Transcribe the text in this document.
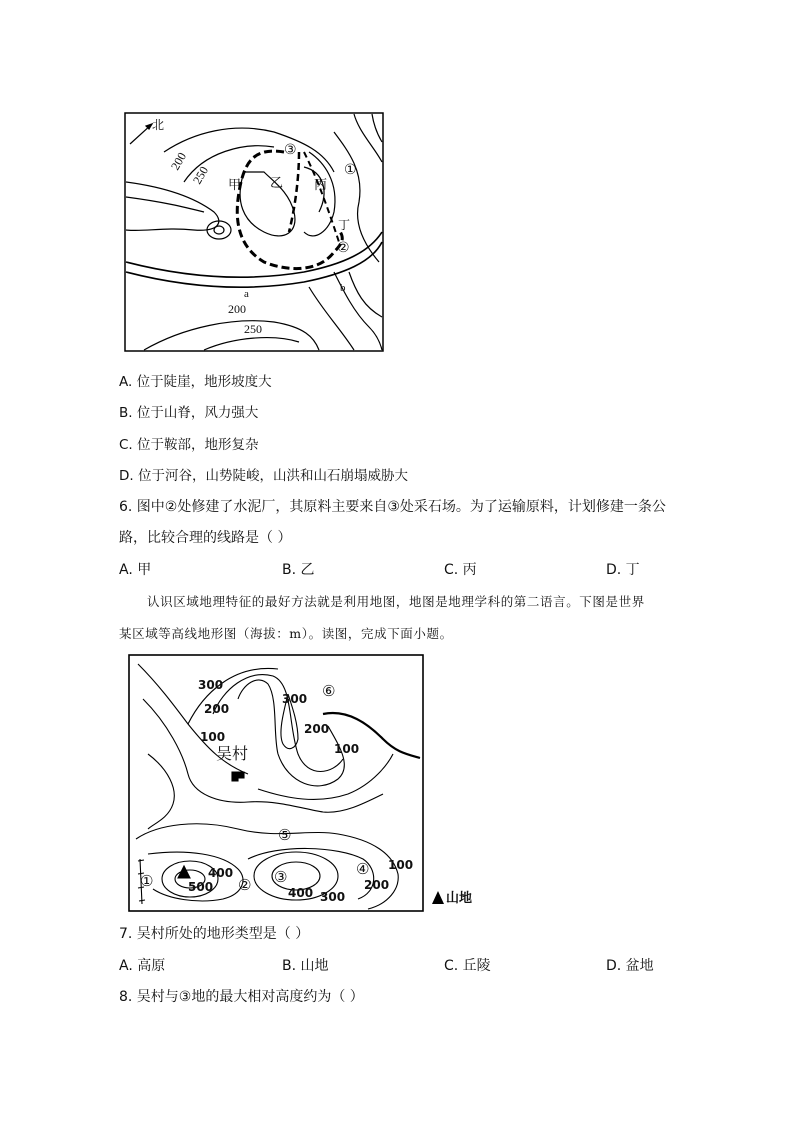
北
200
250
200
250
甲 乙 丙
丁
③
①
②
a	b
A. 位于陡崖，地形坡度大
B. 位于山脊，风力强大
C. 位于鞍部，地形复杂
D. 位于河谷，山势陡峻，山洪和山石崩塌威胁大
6. 图中②处修建了水泥厂，其原料主要来自③处采石场。为了运输原料，计划修建一条公
路，比较合理的线路是（ ）
A. 甲	B. 乙	C. 丙	D. 丁
认识区域地理特征的最好方法就是利用地图，地图是地理学科的第二语言。下图是世界
某区域等高线地形图（海拔：m）。读图，完成下面小题。
300
200
100
300
200
100
400
500	400 300
200
100
吴村
⑥
⑤
①	② ③	④
山地
7. 吴村所处的地形类型是（ ）
A. 高原	B. 山地	C. 丘陵	D. 盆地
8. 吴村与③地的最大相对高度约为（ ）
